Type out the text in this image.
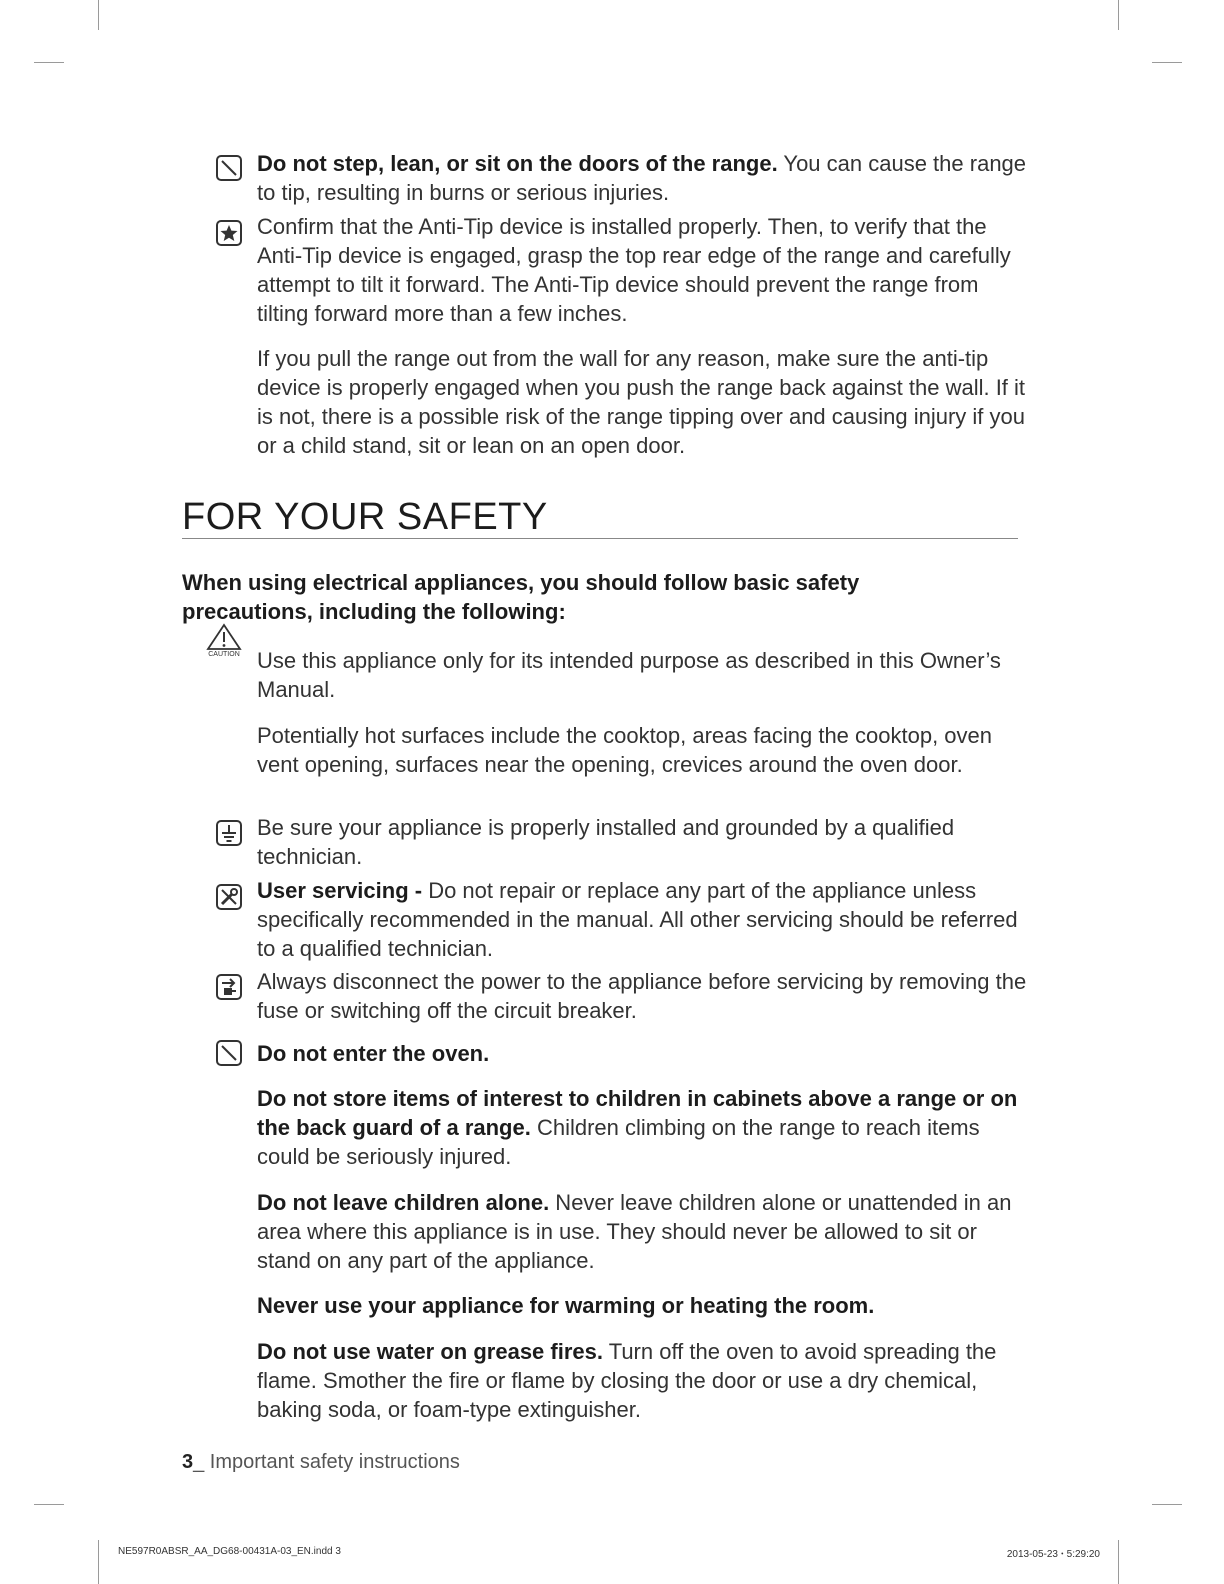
Do not step, lean, or sit on the doors of the range. You can cause the range to tip, resulting in burns or serious injuries.

Confirm that the Anti-Tip device is installed properly. Then, to verify that the Anti-Tip device is engaged, grasp the top rear edge of the range and carefully attempt to tilt it forward. The Anti-Tip device should prevent the range from tilting forward more than a few inches.

If you pull the range out from the wall for any reason, make sure the anti-tip device is properly engaged when you push the range back against the wall. If it is not, there is a possible risk of the range tipping over and causing injury if you or a child stand, sit or lean on an open door.

FOR YOUR SAFETY
When using electrical appliances, you should follow basic safety precautions, including the following:
CAUTION Use this appliance only for its intended purpose as described in this Owner’s Manual.

Potentially hot surfaces include the cooktop, areas facing the cooktop, oven vent opening, surfaces near the opening, crevices around the oven door.

Be sure your appliance is properly installed and grounded by a qualified technician.

User servicing - Do not repair or replace any part of the appliance unless specifically recommended in the manual. All other servicing should be referred to a qualified technician.

Always disconnect the power to the appliance before servicing by removing the fuse or switching off the circuit breaker.

Do not enter the oven.

Do not store items of interest to children in cabinets above a range or on the back guard of a range. Children climbing on the range to reach items could be seriously injured.

Do not leave children alone. Never leave children alone or unattended in an area where this appliance is in use. They should never be allowed to sit or stand on any part of the appliance.

Never use your appliance for warming or heating the room.

Do not use water on grease fires. Turn off the oven to avoid spreading the flame. Smother the fire or flame by closing the door or use a dry chemical, baking soda, or foam-type extinguisher.

3_ Important safety instructions
NE597R0ABSR_AA_DG68-00431A-03_EN.indd 3	2013-05-23 ꞏ 5:29:20
